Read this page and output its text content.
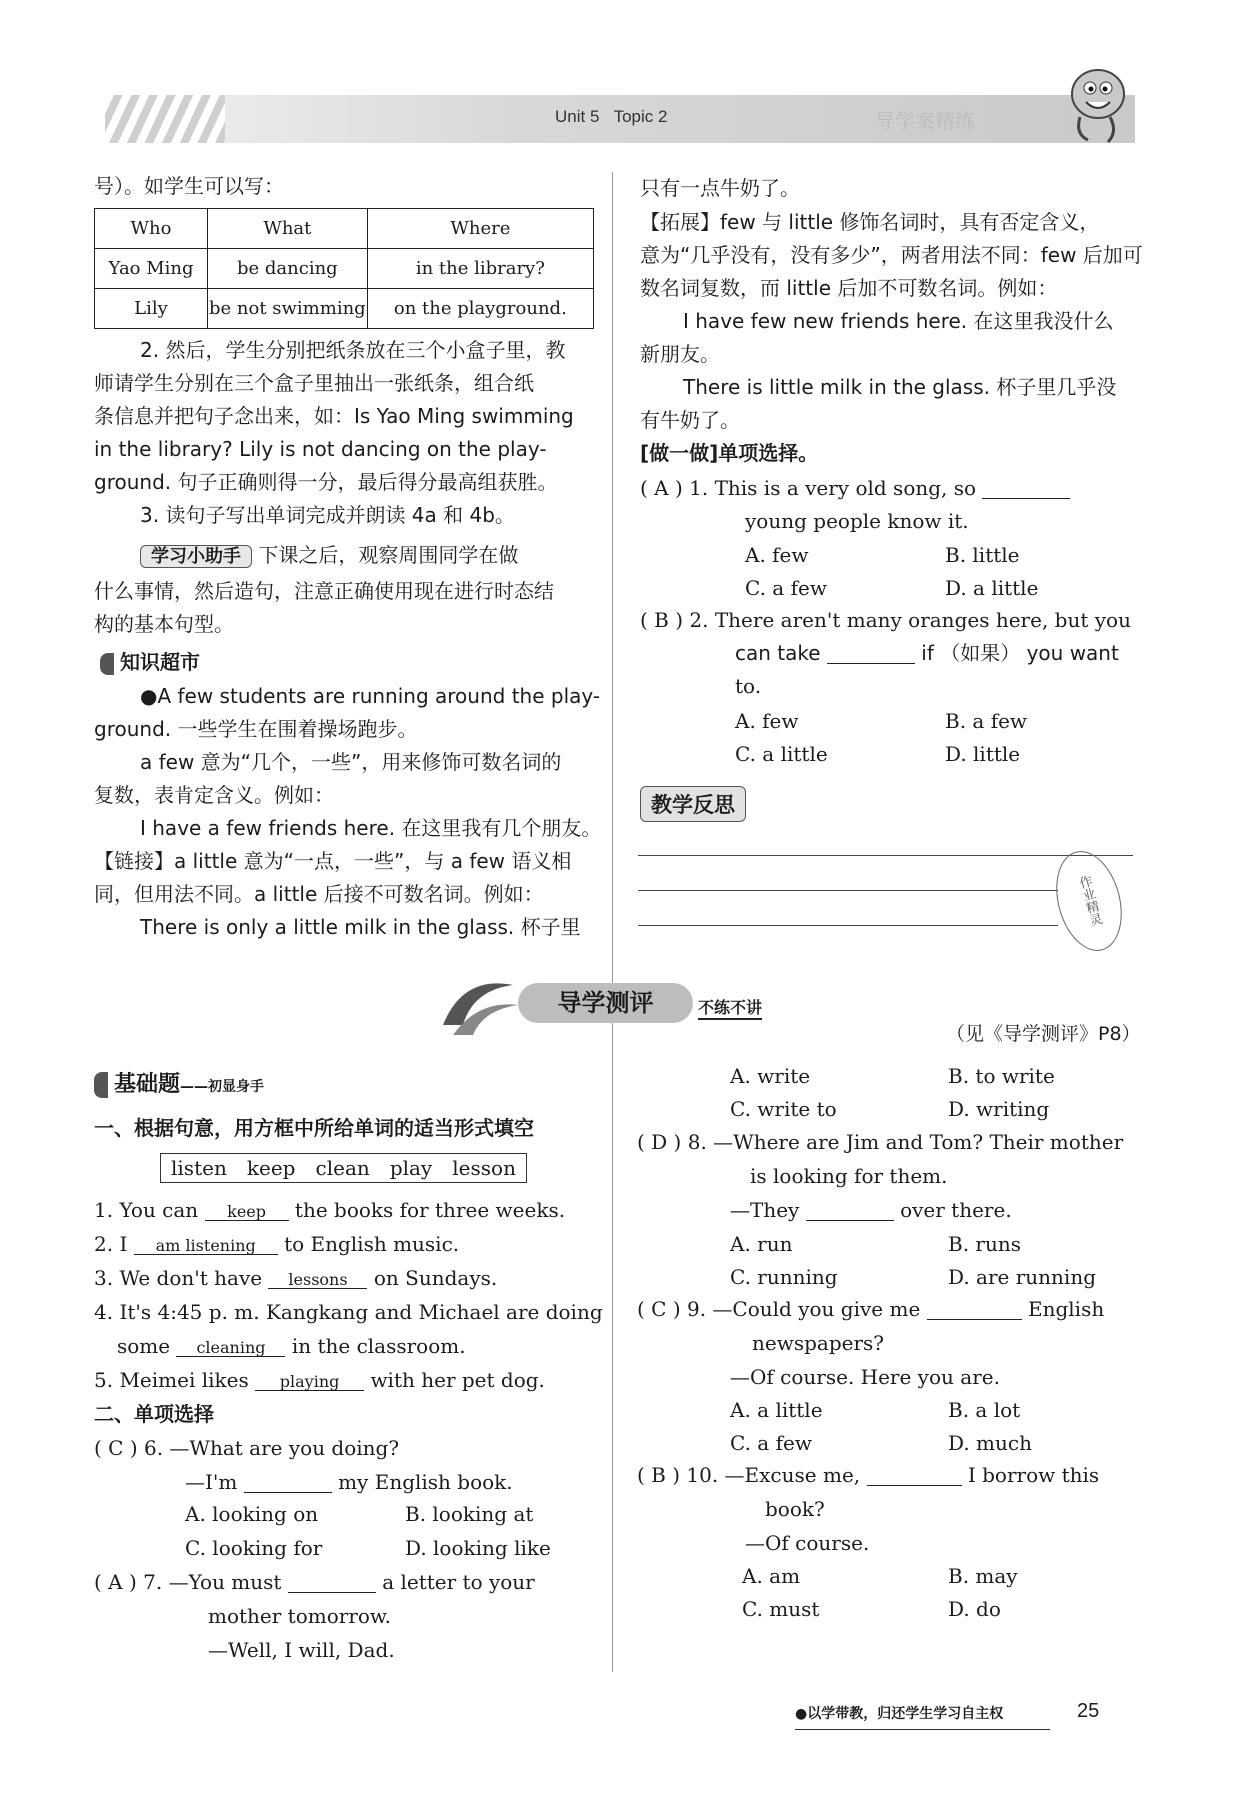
Unit 5 Topic 2	导学案精练
号）。如学生可以写：
Who	What	Where
Yao Ming	be dancing	in the library?
Lily	be not swimming	on the playground.
2. 然后，学生分别把纸条放在三个小盒子里，教
师请学生分别在三个盒子里抽出一张纸条，组合纸
条信息并把句子念出来，如：Is Yao Ming swimming
in the library? Lily is not dancing on the play-
ground. 句子正确则得一分，最后得分最高组获胜。
3. 读句子写出单词完成并朗读 4a 和 4b。
学习小助手 下课之后，观察周围同学在做
什么事情，然后造句，注意正确使用现在进行时态结
构的基本句型。
知识超市
●A few students are running around the play-
ground. 一些学生在围着操场跑步。
a few 意为“几个，一些”，用来修饰可数名词的
复数，表肯定含义。例如：
I have a few friends here. 在这里我有几个朋友。
【链接】a little 意为“一点，一些”，与 a few 语义相
同，但用法不同。a little 后接不可数名词。例如：
There is only a little milk in the glass. 杯子里
只有一点牛奶了。
【拓展】few 与 little 修饰名词时，具有否定含义，
意为“几乎没有，没有多少”，两者用法不同：few 后加可
数名词复数，而 little 后加不可数名词。例如：
I have few new friends here. 在这里我没什么
新朋友。
There is little milk in the glass. 杯子里几乎没
有牛奶了。
[做一做]单项选择。
( A ) 1. This is a very old song, so
young people know it.
A. few	B. little
C. a few	D. a little
( B ) 2. There aren't many oranges here, but you
can take	if （如果） you want
to.
A. few	B. a few
C. a little	D. little
教学反思
作业精灵
导学测评	不练不讲
（见《导学测评》P8）
基础题——初显身手
一、根据句意，用方框中所给单词的适当形式填空
listen keep clean play lesson
1. You can keep the books for three weeks.
2. I am listening to English music.
3. We don't have lessons on Sundays.
4. It's 4:45 p. m. Kangkang and Michael are doing
some cleaning in the classroom.
5. Meimei likes playing with her pet dog.
二、单项选择
( C ) 6. —What are you doing?
—I'm	my English book.
A. looking on	B. looking at
C. looking for	D. looking like
( A ) 7. —You must	a letter to your
mother tomorrow.
—Well, I will, Dad.
A. write	B. to write
C. write to	D. writing
( D ) 8. —Where are Jim and Tom? Their mother
is looking for them.
—They	over there.
A. run	B. runs
C. running	D. are running
( C ) 9. —Could you give me	English
newspapers?
—Of course. Here you are.
A. a little	B. a lot
C. a few	D. much
( B ) 10. —Excuse me,	I borrow this
book?
—Of course.
A. am	B. may
C. must	D. do
●以学带教，归还学生学习自主权	25
